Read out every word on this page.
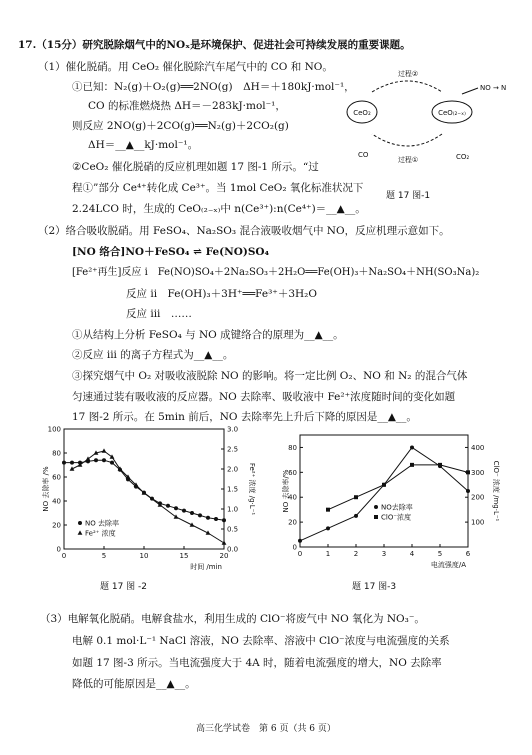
17.（15分）研究脱除烟气中的NOₓ是环境保护、促进社会可持续发展的重要课题。
（1）催化脱硝。用 CeO₂ 催化脱除汽车尾气中的 CO 和 NO。
①已知：N₂(g)＋O₂(g)══2NO(g)　ΔH＝＋180kJ·mol⁻¹，
CO 的标准燃烧热 ΔH＝－283kJ·mol⁻¹，
则反应 2NO(g)＋2CO(g)══N₂(g)＋2CO₂(g)
ΔH＝__▲__kJ·mol⁻¹。
②CeO₂ 催化脱硝的反应机理如题 17 图-1 所示。“过
程①”部分 Ce⁴⁺转化成 Ce³⁺。当 1mol CeO₂ 氧化标准状况下
2.24LCO 时，生成的 CeO₍₂₋ₓ₎中 n(Ce³⁺):n(Ce⁴⁺)＝__▲__。
CeO₂	CeO₍₂₋ₓ₎
过程②
过程①
NO → N
CO	CO₂
题 17 图-1
（2）络合吸收脱硝。用 FeSO₄、Na₂SO₃ 混合液吸收烟气中 NO，反应机理示意如下。
[NO 络合]NO＋FeSO₄ ⇌ Fe(NO)SO₄
[Fe²⁺再生]反应 i　Fe(NO)SO₄＋2Na₂SO₃＋2H₂O══Fe(OH)₃＋Na₂SO₄＋NH(SO₃Na)₂
反应 ii　Fe(OH)₃＋3H⁺══Fe³⁺＋3H₂O
反应 iii　……
①从结构上分析 FeSO₄ 与 NO 成键络合的原理为__▲__。
②反应 iii 的离子方程式为__▲__。
③探究烟气中 O₂ 对吸收液脱除 NO 的影响。将一定比例 O₂、NO 和 N₂ 的混合气体
匀速通过装有吸收液的反应器。NO 去除率、吸收液中 Fe²⁺浓度随时间的变化如题
17 图-2 所示。在 5min 前后，NO 去除率先上升后下降的原因是__▲__。
0	5	10	15	20
0
20
40
60
80
100
0.0
0.5
1.0
1.5
2.0
2.5
3.0
时间 /min
NO 去除率 /%	Fe²⁺ 浓度 /g·L⁻¹
NO 去除率
Fe²⁺ 浓度
题 17 图 -2
0	1	2	3	4	5	6
0
20
40
60
80
100
200
300
400
电流强度/A
NO 去除率/%	ClO⁻ 浓度 /mg·L⁻¹
NO去除率
ClO⁻浓度
题 17 图-3
（3）电解氧化脱硝。电解食盐水，利用生成的 ClO⁻将废气中 NO 氧化为 NO₃⁻。
电解 0.1 mol·L⁻¹ NaCl 溶液，NO 去除率、溶液中 ClO⁻浓度与电流强度的关系
如题 17 图-3 所示。当电流强度大于 4A 时，随着电流强度的增大，NO 去除率
降低的可能原因是__▲__。
高三化学试卷　第 6 页（共 6 页）
